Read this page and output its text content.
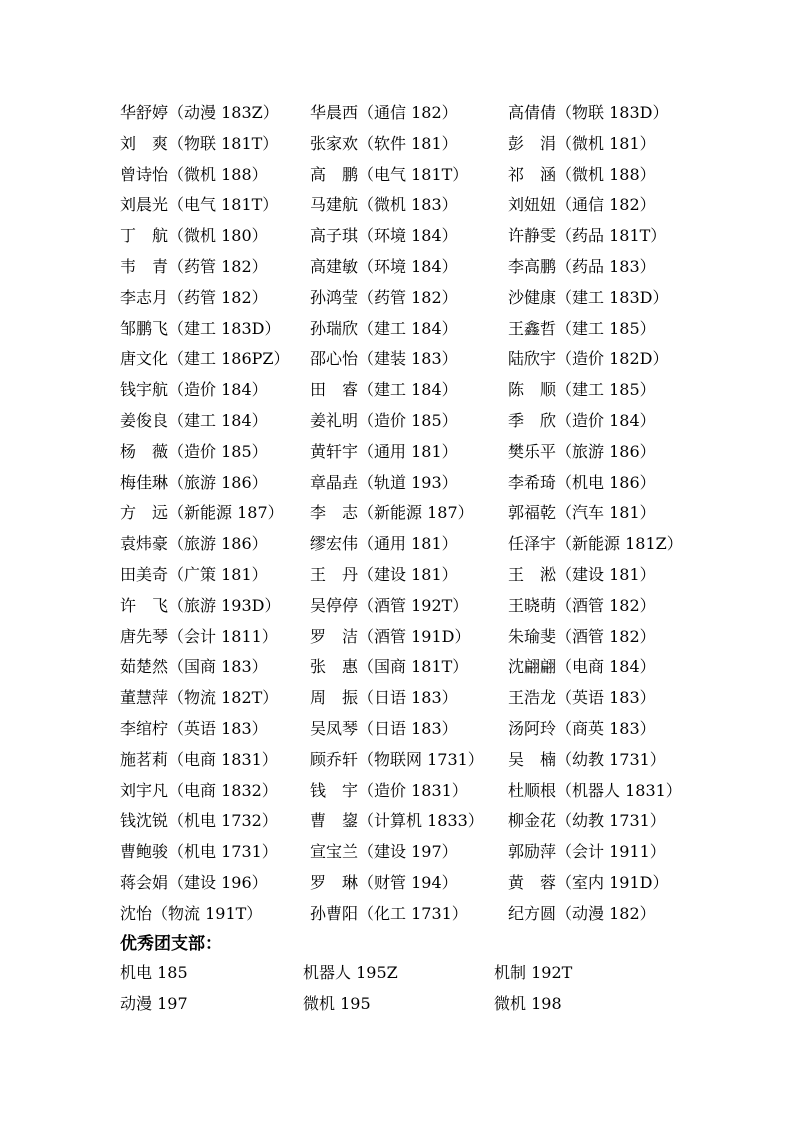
华舒婷（动漫 183Z） 华晨西（通信 182）	高倩倩（物联 183D）
刘　爽（物联 181T） 张家欢（软件 181）	彭　涓（微机 181）
曾诗怡（微机 188）	高　鹏（电气 181T） 祁　涵（微机 188）
刘晨光（电气 181T） 马建航（微机 183）	刘妞妞（通信 182）
丁　航（微机 180）	高子琪（环境 184）	许静雯（药品 181T）
韦　青（药管 182）	高建敏（环境 184）	李高鹏（药品 183）
李志月（药管 182）	孙鸿莹（药管 182）	沙健康（建工 183D）
邹鹏飞（建工 183D） 孙瑞欣（建工 184）	王鑫哲（建工 185）
唐文化（建工 186PZ） 邵心怡（建装 183）	陆欣宇（造价 182D）
钱宇航（造价 184）	田　睿（建工 184）	陈　顺（建工 185）
姜俊良（建工 184）	姜礼明（造价 185）	季　欣（造价 184）
杨　薇（造价 185）	黄轩宇（通用 181）	樊乐平（旅游 186）
梅佳琳（旅游 186）	章晶垚（轨道 193）	李希琦（机电 186）
方　远（新能源 187） 李　志（新能源 187） 郭福乾（汽车 181）
袁炜豪（旅游 186）	缪宏伟（通用 181）	任泽宇（新能源 181Z）
田美奇（广策 181）	王　丹（建设 181）	王　淞（建设 181）
许　飞（旅游 193D） 吴停停（酒管 192T） 王晓萌（酒管 182）
唐先琴（会计 1811） 罗　洁（酒管 191D） 朱瑜斐（酒管 182）
茹楚然（国商 183）	张　惠（国商 181T） 沈翩翩（电商 184）
董慧萍（物流 182T） 周　振（日语 183）	王浩龙（英语 183）
李绾柠（英语 183）	吴凤琴（日语 183）	汤阿玲（商英 183）
施茗莉（电商 1831） 顾乔轩（物联网 1731） 吴　楠（幼教 1731）
刘宇凡（电商 1832） 钱　宇（造价 1831）	杜顺根（机器人 1831）
钱沈锐（机电 1732） 曹　鋆（计算机 1833） 柳金花（幼教 1731）
曹鲍骏（机电 1731） 宣宝兰（建设 197）	郭励萍（会计 1911）
蒋会娟（建设 196）	罗　琳（财管 194）	黄　蓉（室内 191D）
沈怡（物流 191T）	孙曹阳（化工 1731）	纪方圆（动漫 182）
优秀团支部：
机电 185	机器人 195Z	机制 192T
动漫 197	微机 195	微机 198
